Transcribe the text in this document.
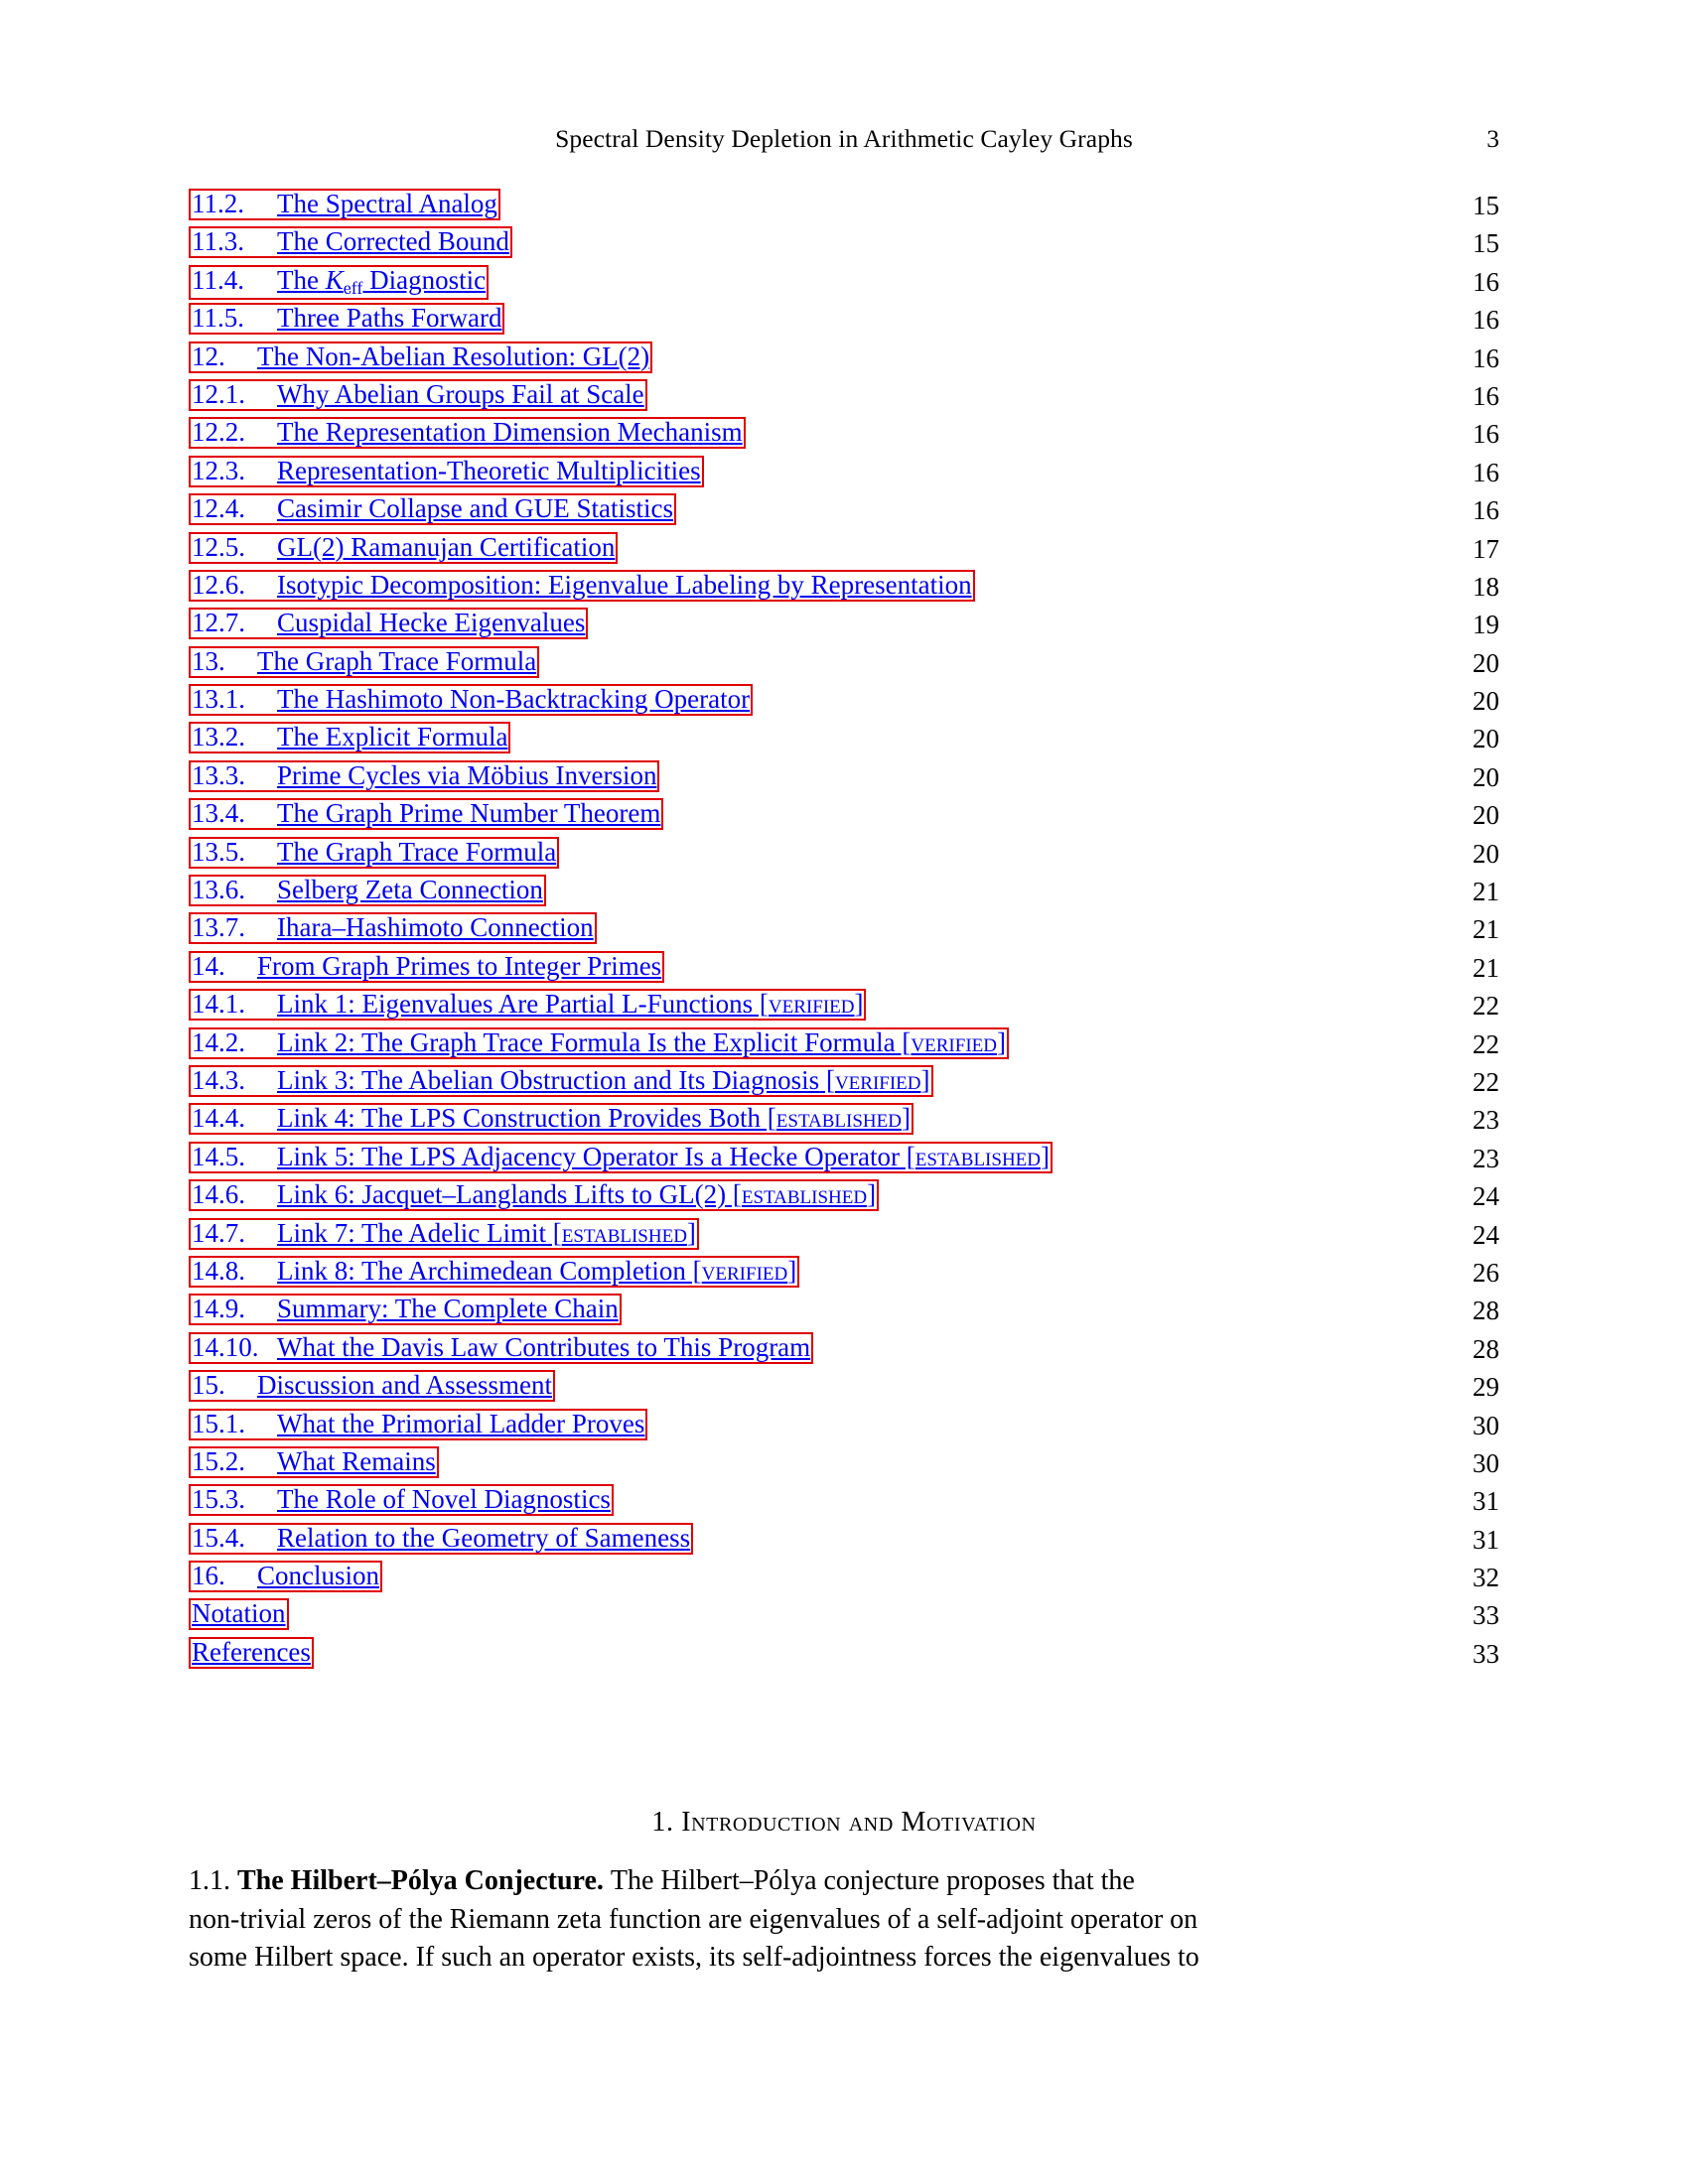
Spectral Density Depletion in Arithmetic Cayley Graphs	3
11.2. The Spectral Analog	15
11.3. The Corrected Bound	15
11.4. The Keff Diagnostic	16
11.5. Three Paths Forward	16
12. The Non-Abelian Resolution: GL(2)	16
12.1. Why Abelian Groups Fail at Scale	16
12.2. The Representation Dimension Mechanism	16
12.3. Representation-Theoretic Multiplicities	16
12.4. Casimir Collapse and GUE Statistics	16
12.5. GL(2) Ramanujan Certification	17
12.6. Isotypic Decomposition: Eigenvalue Labeling by Representation	18
12.7. Cuspidal Hecke Eigenvalues	19
13. The Graph Trace Formula	20
13.1. The Hashimoto Non-Backtracking Operator	20
13.2. The Explicit Formula	20
13.3. Prime Cycles via Möbius Inversion	20
13.4. The Graph Prime Number Theorem	20
13.5. The Graph Trace Formula	20
13.6. Selberg Zeta Connection	21
13.7. Ihara–Hashimoto Connection	21
14. From Graph Primes to Integer Primes	21
14.1. Link 1: Eigenvalues Are Partial L-Functions [verified]	22
14.2. Link 2: The Graph Trace Formula Is the Explicit Formula [verified]	22
14.3. Link 3: The Abelian Obstruction and Its Diagnosis [verified]	22
14.4. Link 4: The LPS Construction Provides Both [established]	23
14.5. Link 5: The LPS Adjacency Operator Is a Hecke Operator [established]	23
14.6. Link 6: Jacquet–Langlands Lifts to GL(2) [established]	24
14.7. Link 7: The Adelic Limit [established]	24
14.8. Link 8: The Archimedean Completion [verified]	26
14.9. Summary: The Complete Chain	28
14.10. What the Davis Law Contributes to This Program	28
15. Discussion and Assessment	29
15.1. What the Primorial Ladder Proves	30
15.2. What Remains	30
15.3. The Role of Novel Diagnostics	31
15.4. Relation to the Geometry of Sameness	31
16. Conclusion	32
Notation	33
References	33
1. Introduction and Motivation
1.1. The Hilbert–Pólya Conjecture. The Hilbert–Pólya conjecture proposes that the
non-trivial zeros of the Riemann zeta function are eigenvalues of a self-adjoint operator on
some Hilbert space. If such an operator exists, its self-adjointness forces the eigenvalues to
